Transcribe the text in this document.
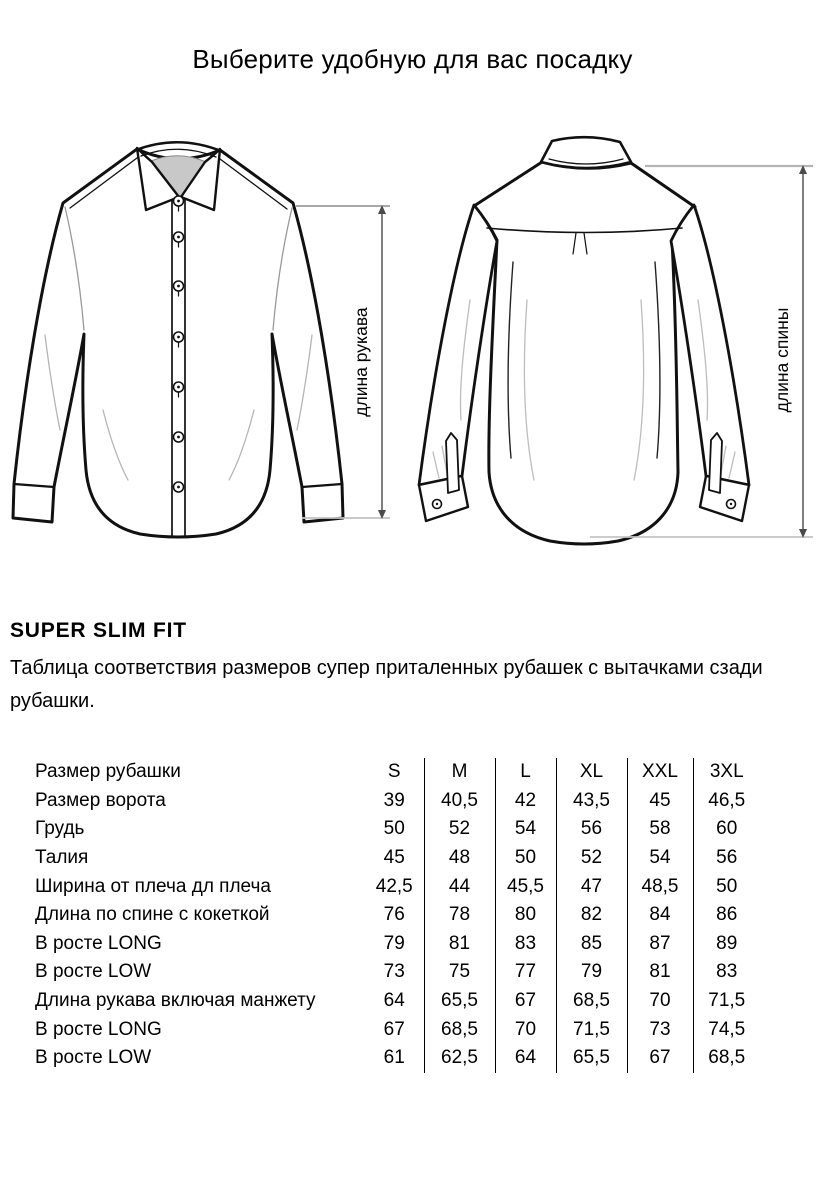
Выберите удобную для вас посадку
длина рукава	длина спины
SUPER SLIM FIT
Таблица соответствия размеров супер приталенных рубашек с вытачками сзади рубашки.
Размер рубашки	S	M	L	XL	XXL	3XL
Размер ворота	39	40,5	42	43,5	45	46,5
Грудь	50	52	54	56	58	60
Талия	45	48	50	52	54	56
Ширина от плеча дл плеча	42,5	44	45,5	47	48,5	50
Длина по спине с кокеткой	76	78	80	82	84	86
В росте LONG	79	81	83	85	87	89
В росте LOW	73	75	77	79	81	83
Длина рукава включая манжету	64	65,5	67	68,5	70	71,5
В росте LONG	67	68,5	70	71,5	73	74,5
В росте LOW	61	62,5	64	65,5	67	68,5
